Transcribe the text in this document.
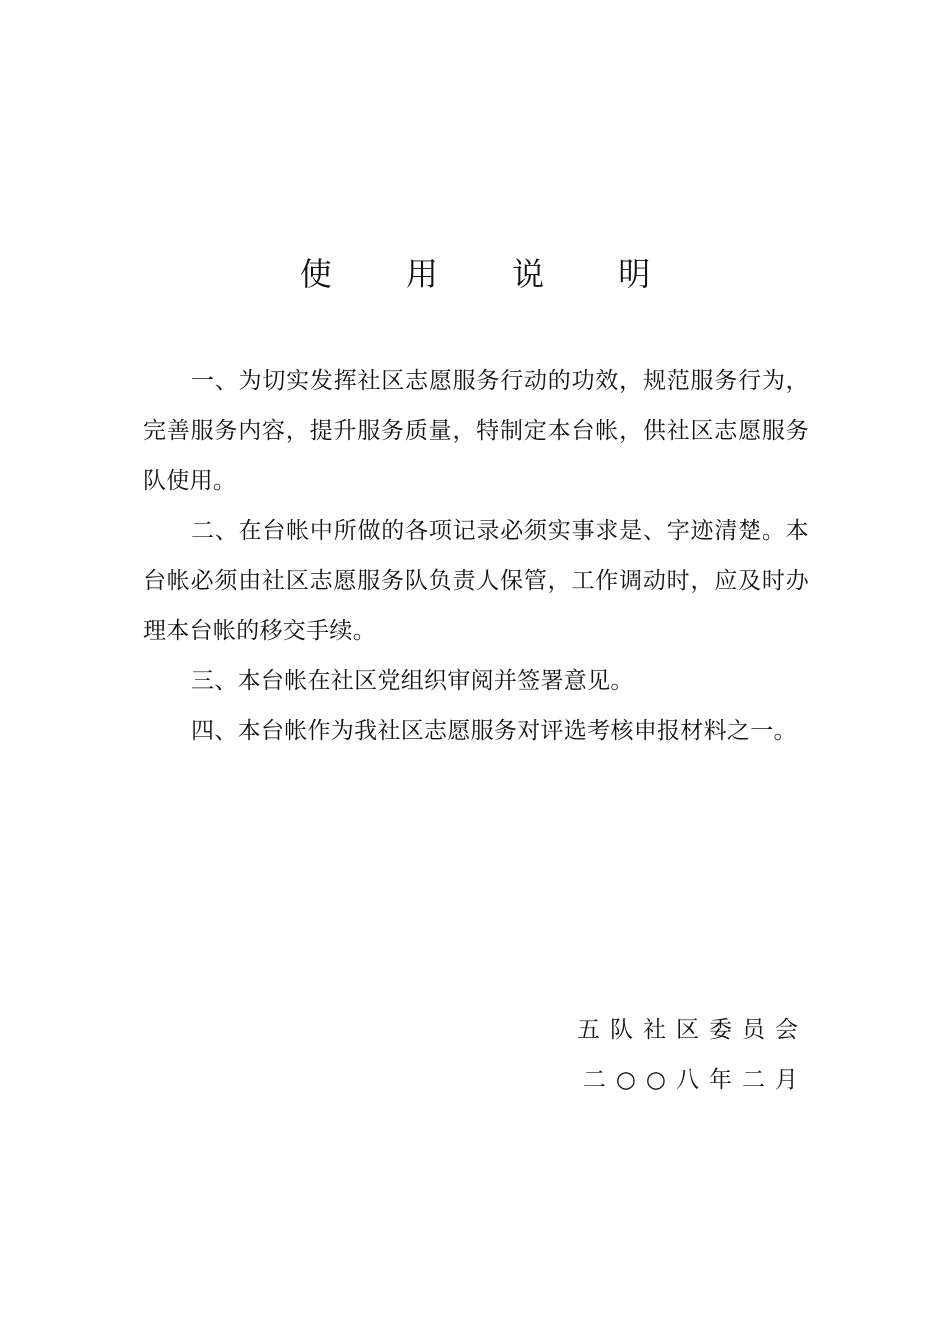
使 用 说 明

一、为切实发挥社区志愿服务行动的功效，规范服务行为，完善服务内容，提升服务质量，特制定本台帐，供社区志愿服务队使用。

二、在台帐中所做的各项记录必须实事求是、字迹清楚。本台帐必须由社区志愿服务队负责人保管，工作调动时，应及时办理本台帐的移交手续。

三、本台帐在社区党组织审阅并签署意见。

四、本台帐作为我社区志愿服务对评选考核申报材料之一。

五队社区委员会
二○○八年二月
